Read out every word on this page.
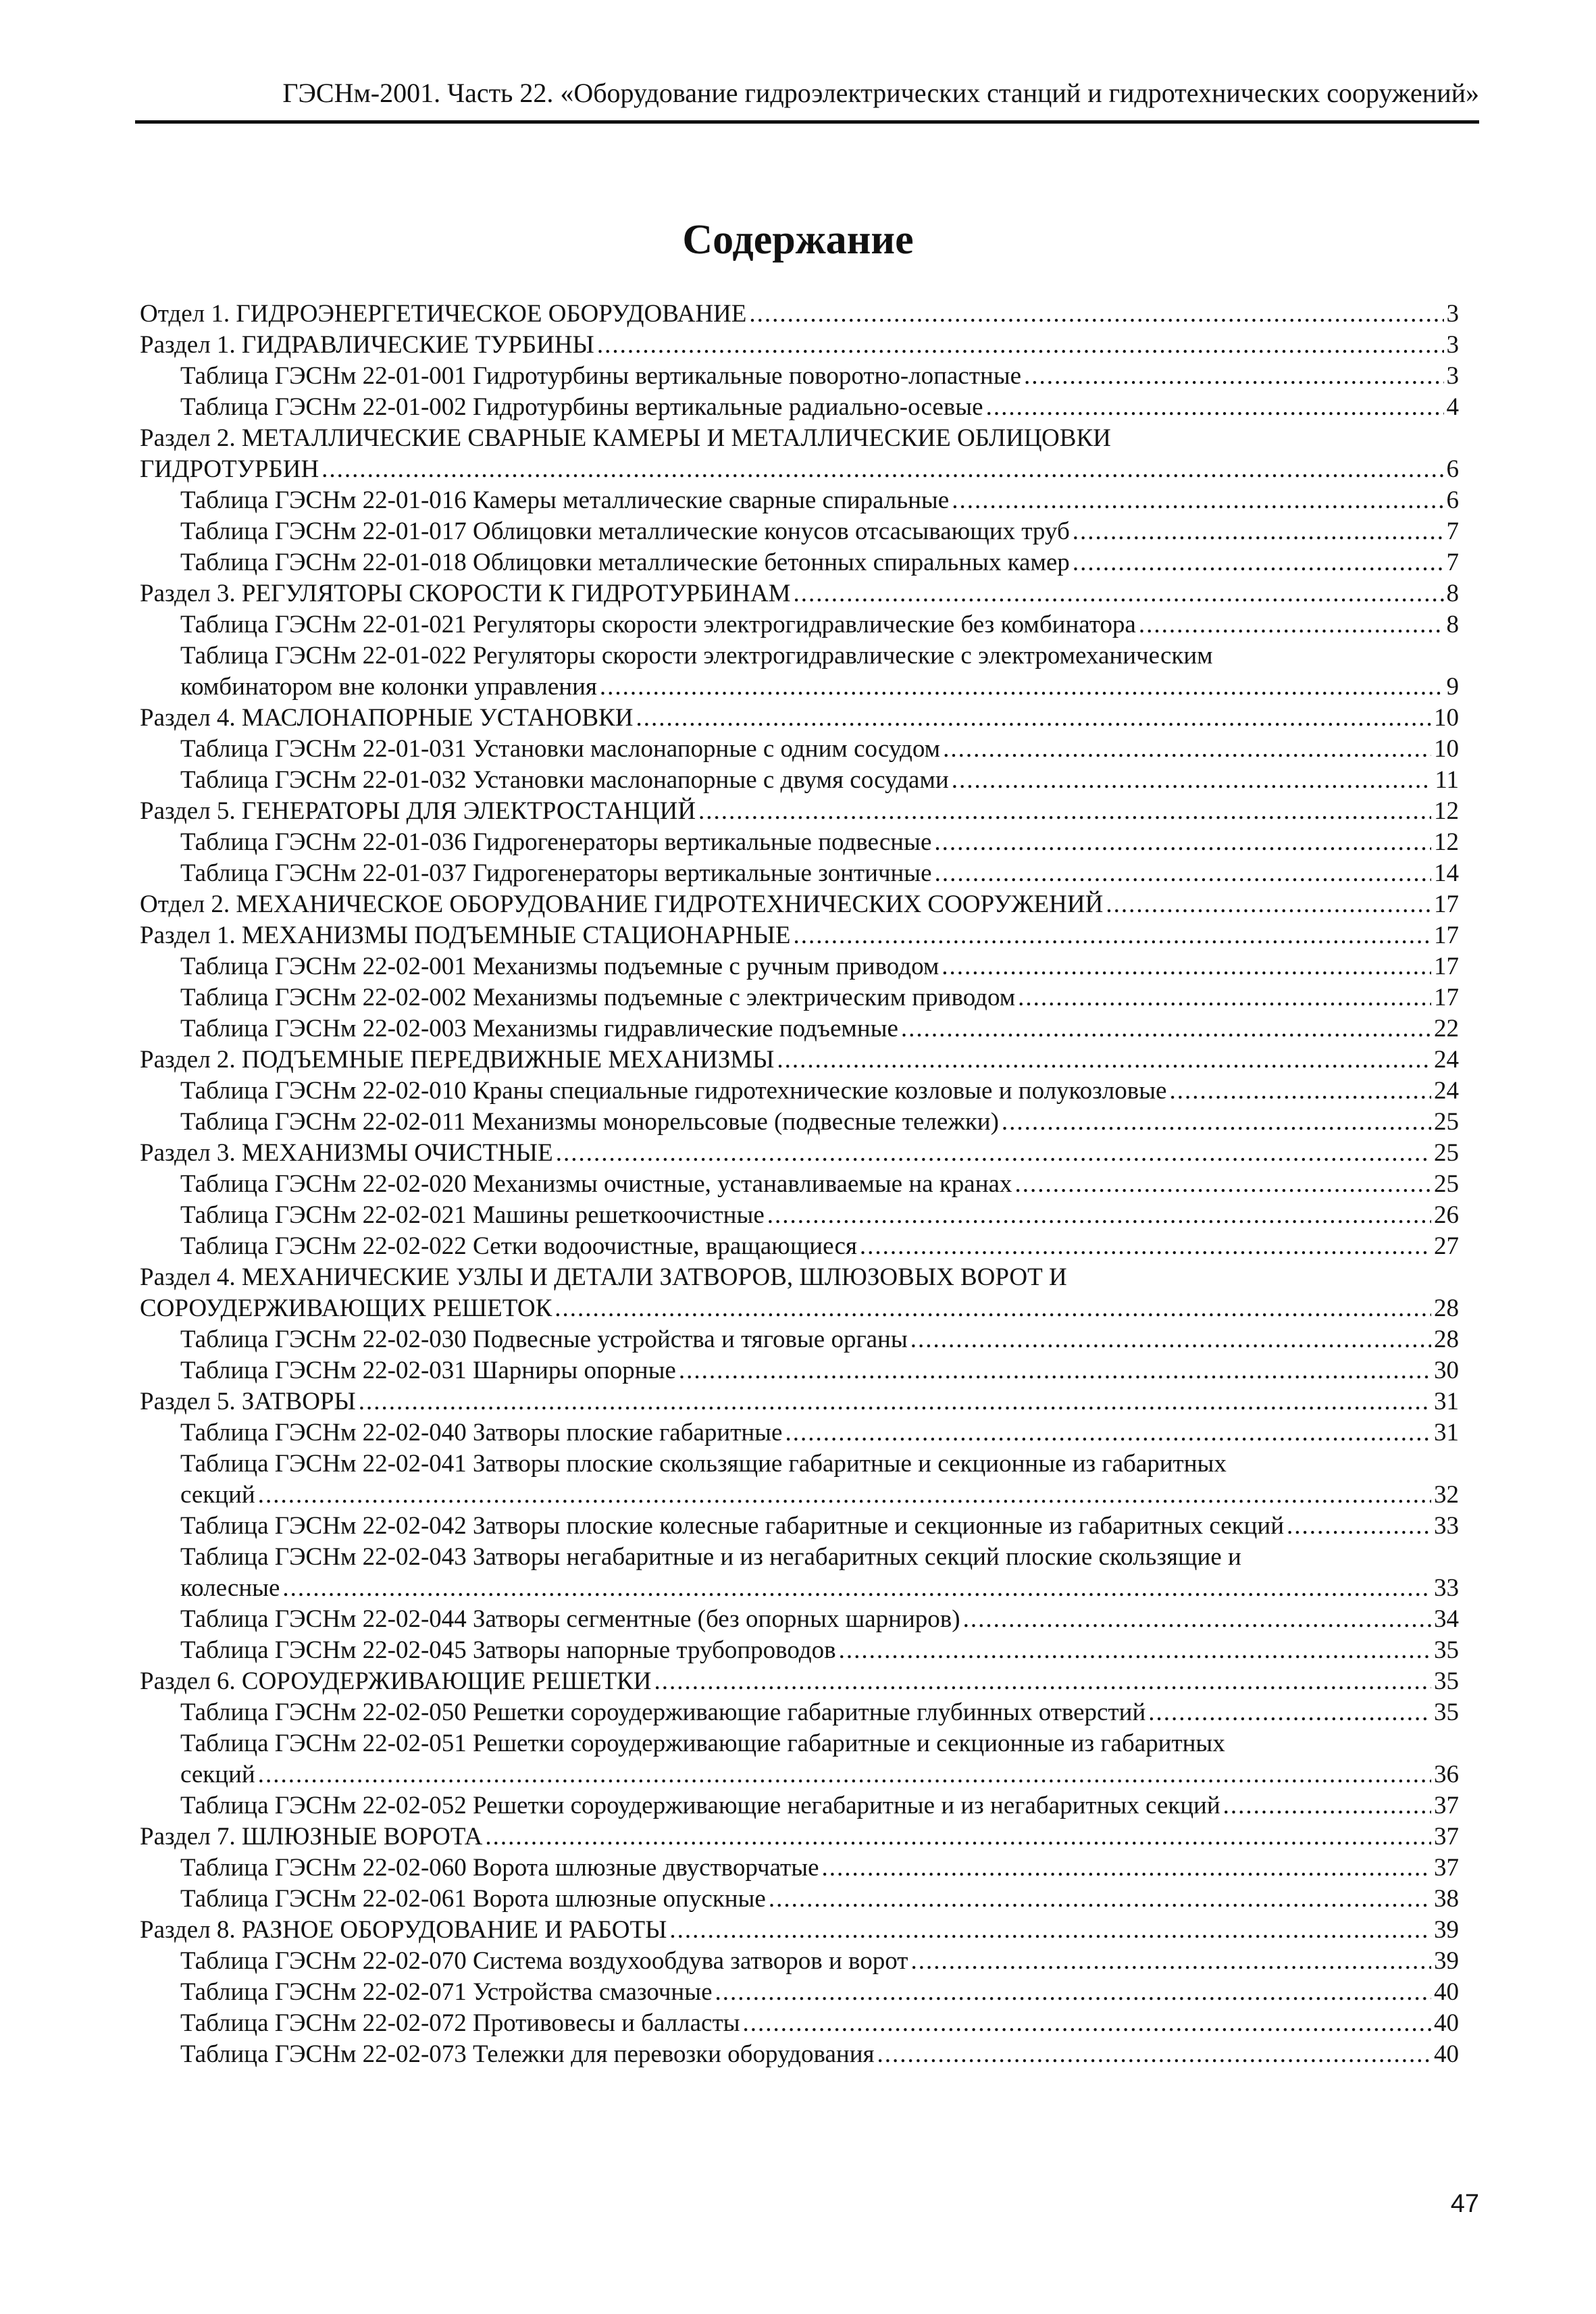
ГЭСНм-2001. Часть 22. «Оборудование гидроэлектрических станций и гидротехнических сооружений»
Содержание
Отдел 1. ГИДРОЭНЕРГЕТИЧЕСКОЕ ОБОРУДОВАНИЕ .....	3
Раздел 1. ГИДРАВЛИЧЕСКИЕ ТУРБИНЫ .....	3
Таблица ГЭСНм 22-01-001 Гидротурбины вертикальные поворотно-лопастные .....	3
Таблица ГЭСНм 22-01-002 Гидротурбины вертикальные радиально-осевые .....	4
Раздел 2. МЕТАЛЛИЧЕСКИЕ СВАРНЫЕ КАМЕРЫ И МЕТАЛЛИЧЕСКИЕ ОБЛИЦОВКИ
ГИДРОТУРБИН .....	6
Таблица ГЭСНм 22-01-016 Камеры металлические сварные спиральные .....	6
Таблица ГЭСНм 22-01-017 Облицовки металлические конусов отсасывающих труб .....	7
Таблица ГЭСНм 22-01-018 Облицовки металлические бетонных спиральных камер .....	7
Раздел 3. РЕГУЛЯТОРЫ СКОРОСТИ К ГИДРОТУРБИНАМ .....	8
Таблица ГЭСНм 22-01-021 Регуляторы скорости электрогидравлические без комбинатора .....	8
Таблица ГЭСНм 22-01-022 Регуляторы скорости электрогидравлические с электромеханическим
комбинатором вне колонки управления .....	9
Раздел 4. МАСЛОНАПОРНЫЕ УСТАНОВКИ .....	10
Таблица ГЭСНм 22-01-031 Установки маслонапорные с одним сосудом .....	10
Таблица ГЭСНм 22-01-032 Установки маслонапорные с двумя сосудами .....	11
Раздел 5. ГЕНЕРАТОРЫ ДЛЯ ЭЛЕКТРОСТАНЦИЙ .....	12
Таблица ГЭСНм 22-01-036 Гидрогенераторы вертикальные подвесные .....	12
Таблица ГЭСНм 22-01-037 Гидрогенераторы вертикальные зонтичные .....	14
Отдел 2. МЕХАНИЧЕСКОЕ ОБОРУДОВАНИЕ ГИДРОТЕХНИЧЕСКИХ СООРУЖЕНИЙ .....	17
Раздел 1. МЕХАНИЗМЫ ПОДЪЕМНЫЕ СТАЦИОНАРНЫЕ .....	17
Таблица ГЭСНм 22-02-001 Механизмы подъемные с ручным приводом .....	17
Таблица ГЭСНм 22-02-002 Механизмы подъемные с электрическим приводом .....	17
Таблица ГЭСНм 22-02-003 Механизмы гидравлические подъемные .....	22
Раздел 2. ПОДЪЕМНЫЕ ПЕРЕДВИЖНЫЕ МЕХАНИЗМЫ .....	24
Таблица ГЭСНм 22-02-010 Краны специальные гидротехнические козловые и полукозловые .....	24
Таблица ГЭСНм 22-02-011 Механизмы монорельсовые (подвесные тележки) .....	25
Раздел 3. МЕХАНИЗМЫ ОЧИСТНЫЕ .....	25
Таблица ГЭСНм 22-02-020 Механизмы очистные, устанавливаемые на кранах .....	25
Таблица ГЭСНм 22-02-021 Машины решеткоочистные .....	26
Таблица ГЭСНм 22-02-022 Сетки водоочистные, вращающиеся .....	27
Раздел 4. МЕХАНИЧЕСКИЕ УЗЛЫ И ДЕТАЛИ ЗАТВОРОВ, ШЛЮЗОВЫХ ВОРОТ И
СОРОУДЕРЖИВАЮЩИХ РЕШЕТОК .....	28
Таблица ГЭСНм 22-02-030 Подвесные устройства и тяговые органы .....	28
Таблица ГЭСНм 22-02-031 Шарниры опорные .....	30
Раздел 5. ЗАТВОРЫ .....	31
Таблица ГЭСНм 22-02-040 Затворы плоские габаритные .....	31
Таблица ГЭСНм 22-02-041 Затворы плоские скользящие габаритные и секционные из габаритных
секций .....	32
Таблица ГЭСНм 22-02-042 Затворы плоские колесные габаритные и секционные из габаритных секций .....	33
Таблица ГЭСНм 22-02-043 Затворы негабаритные и из негабаритных секций плоские скользящие и
колесные .....	33
Таблица ГЭСНм 22-02-044 Затворы сегментные (без опорных шарниров) .....	34
Таблица ГЭСНм 22-02-045 Затворы напорные трубопроводов .....	35
Раздел 6. СОРОУДЕРЖИВАЮЩИЕ РЕШЕТКИ .....	35
Таблица ГЭСНм 22-02-050 Решетки сороудерживающие габаритные глубинных отверстий .....	35
Таблица ГЭСНм 22-02-051 Решетки сороудерживающие габаритные и секционные из габаритных
секций .....	36
Таблица ГЭСНм 22-02-052 Решетки сороудерживающие негабаритные и из негабаритных секций .....	37
Раздел 7. ШЛЮЗНЫЕ ВОРОТА .....	37
Таблица ГЭСНм 22-02-060 Ворота шлюзные двустворчатые .....	37
Таблица ГЭСНм 22-02-061 Ворота шлюзные опускные .....	38
Раздел 8. РАЗНОЕ ОБОРУДОВАНИЕ И РАБОТЫ .....	39
Таблица ГЭСНм 22-02-070 Система воздухообдува затворов и ворот .....	39
Таблица ГЭСНм 22-02-071 Устройства смазочные .....	40
Таблица ГЭСНм 22-02-072 Противовесы и балласты .....	40
Таблица ГЭСНм 22-02-073 Тележки для перевозки оборудования .....	40
47
